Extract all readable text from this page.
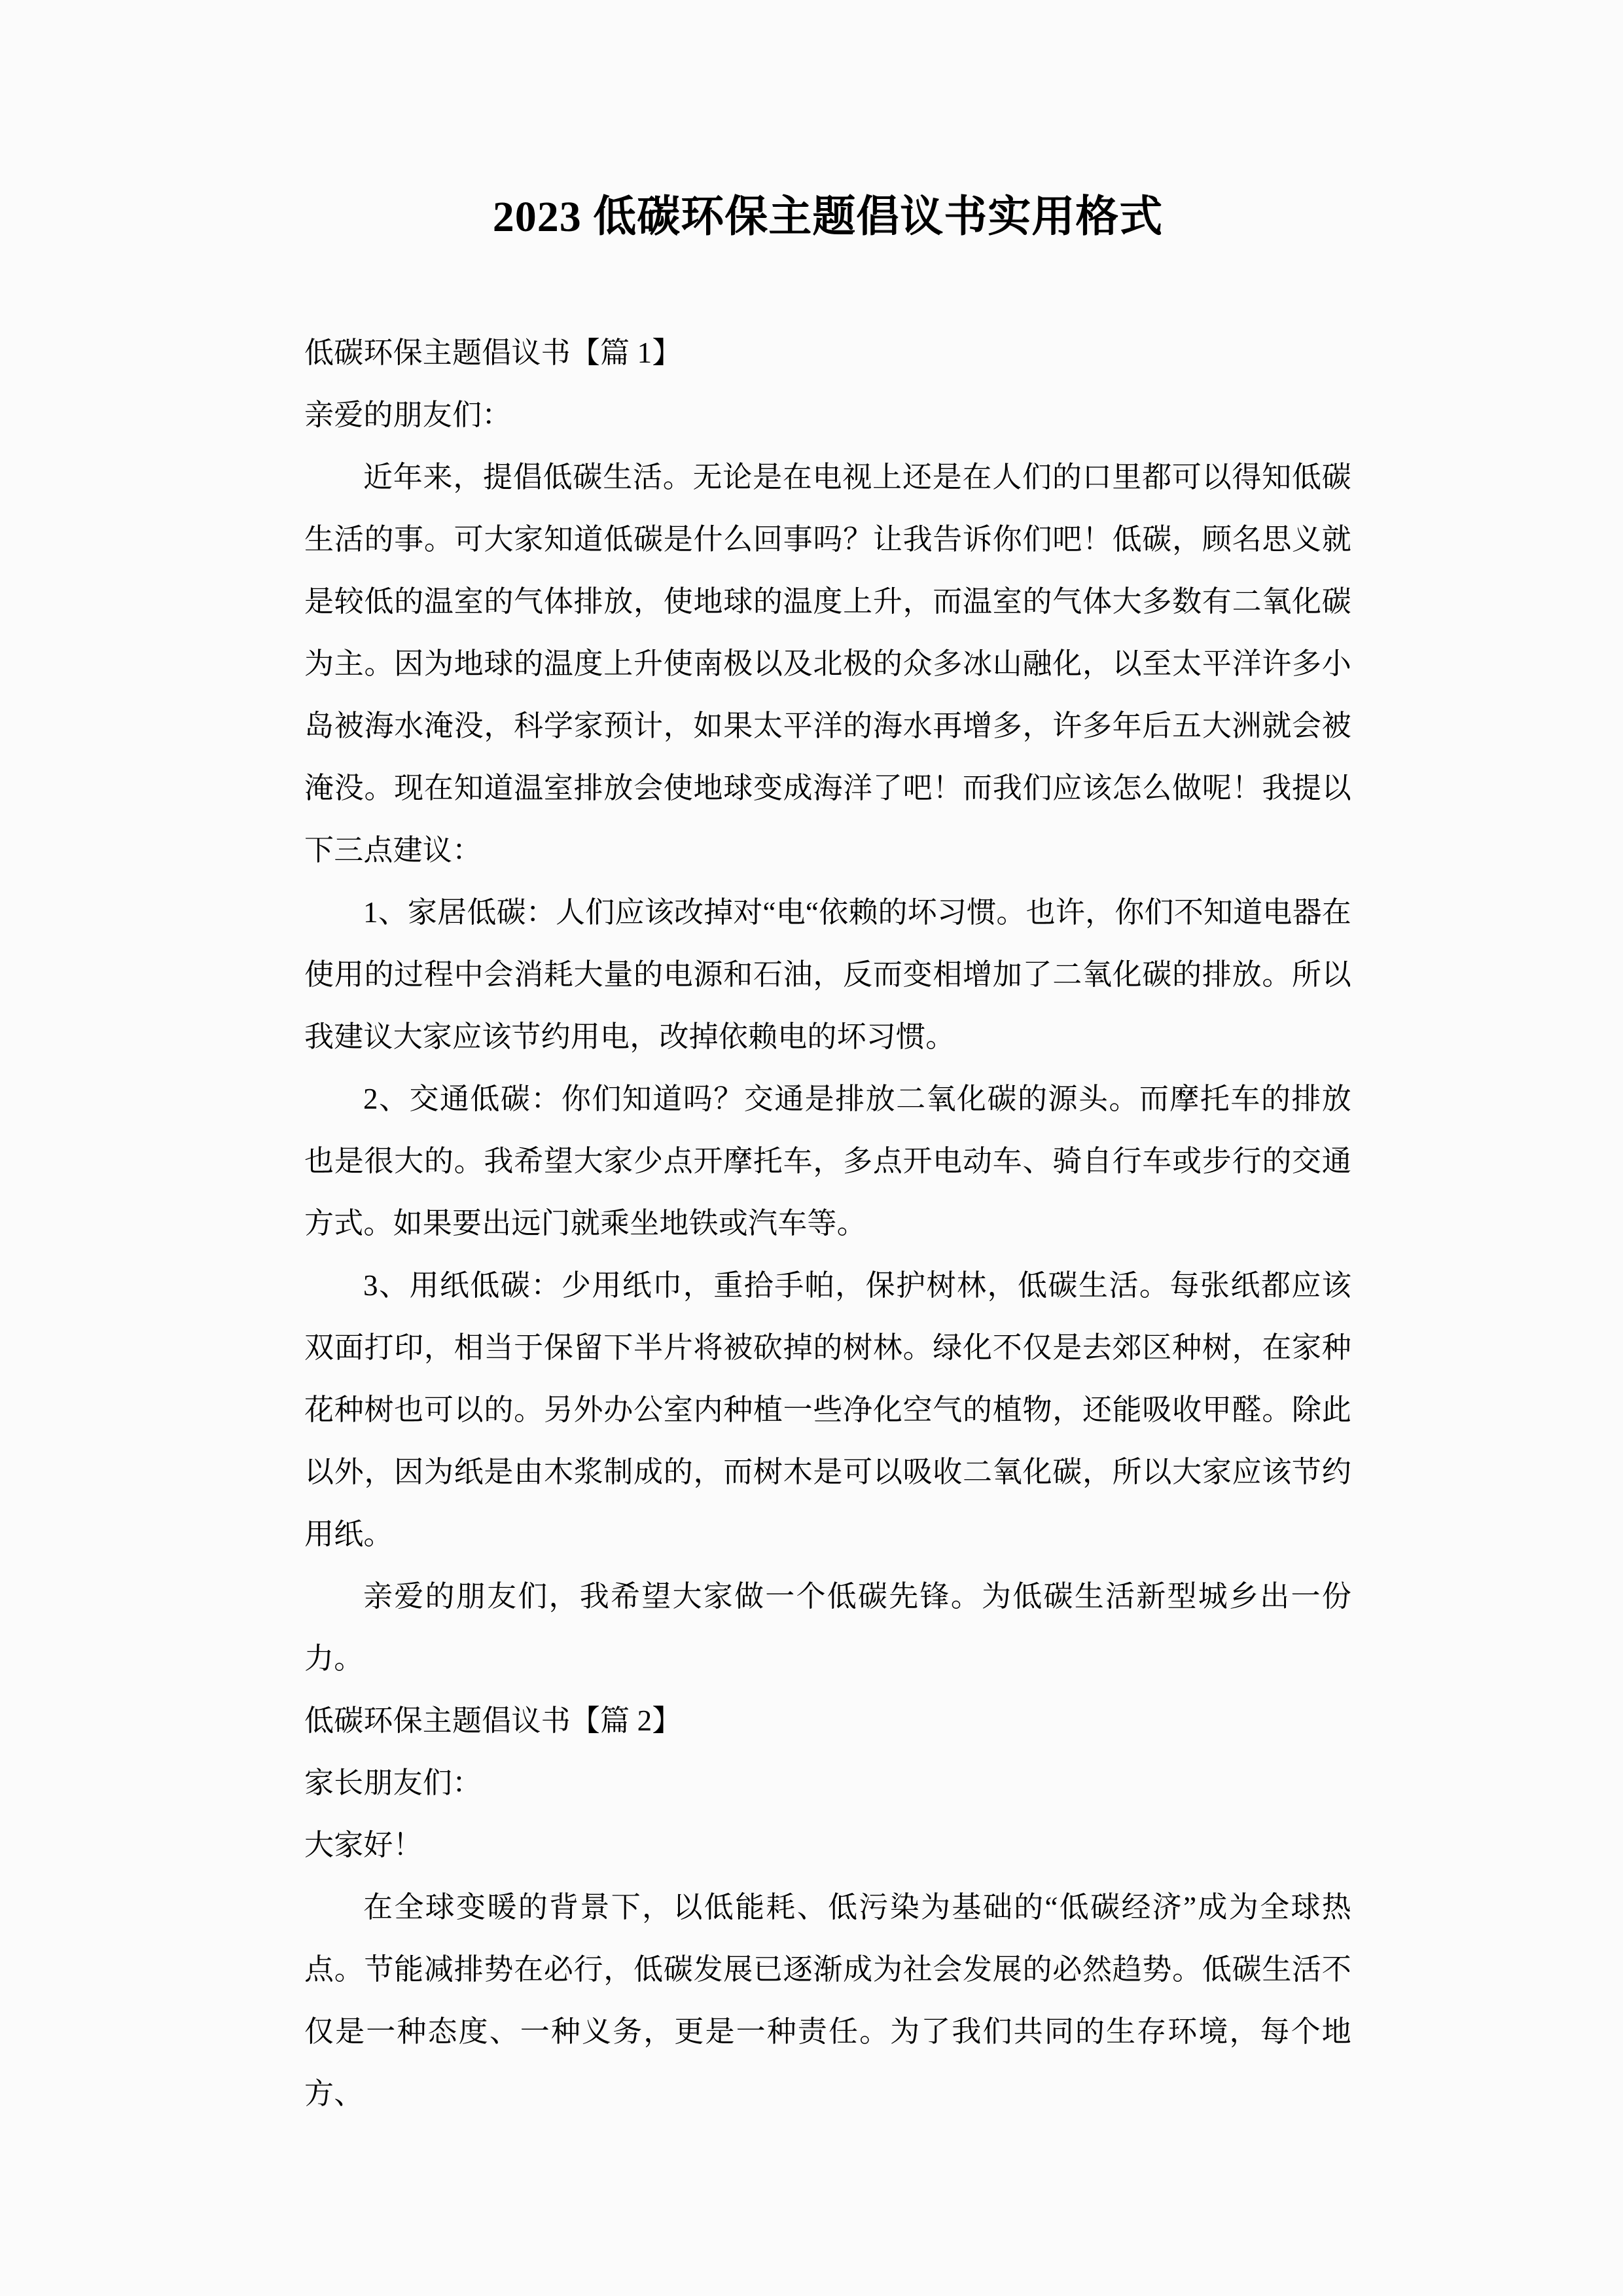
2023 低碳环保主题倡议书实用格式

低碳环保主题倡议书【篇 1】

亲爱的朋友们：

近年来，提倡低碳生活。无论是在电视上还是在人们的口里都可以得知低碳生活的事。可大家知道低碳是什么回事吗？让我告诉你们吧！低碳，顾名思义就是较低的温室的气体排放，使地球的温度上升，而温室的气体大多数有二氧化碳为主。因为地球的温度上升使南极以及北极的众多冰山融化，以至太平洋许多小岛被海水淹没，科学家预计，如果太平洋的海水再增多，许多年后五大洲就会被淹没。现在知道温室排放会使地球变成海洋了吧！而我们应该怎么做呢！我提以下三点建议：

1、家居低碳：人们应该改掉对“电“依赖的坏习惯。也许，你们不知道电器在使用的过程中会消耗大量的电源和石油，反而变相增加了二氧化碳的排放。所以我建议大家应该节约用电，改掉依赖电的坏习惯。

2、交通低碳：你们知道吗？交通是排放二氧化碳的源头。而摩托车的排放也是很大的。我希望大家少点开摩托车，多点开电动车、骑自行车或步行的交通方式。如果要出远门就乘坐地铁或汽车等。

3、用纸低碳：少用纸巾，重拾手帕，保护树林，低碳生活。每张纸都应该双面打印，相当于保留下半片将被砍掉的树林。绿化不仅是去郊区种树，在家种花种树也可以的。另外办公室内种植一些净化空气的植物，还能吸收甲醛。除此以外，因为纸是由木浆制成的，而树木是可以吸收二氧化碳，所以大家应该节约用纸。

亲爱的朋友们，我希望大家做一个低碳先锋。为低碳生活新型城乡出一份力。

低碳环保主题倡议书【篇 2】

家长朋友们：

大家好！

在全球变暖的背景下，以低能耗、低污染为基础的“低碳经济”成为全球热点。节能减排势在必行，低碳发展已逐渐成为社会发展的必然趋势。低碳生活不仅是一种态度、一种义务，更是一种责任。为了我们共同的生存环境，每个地方、
